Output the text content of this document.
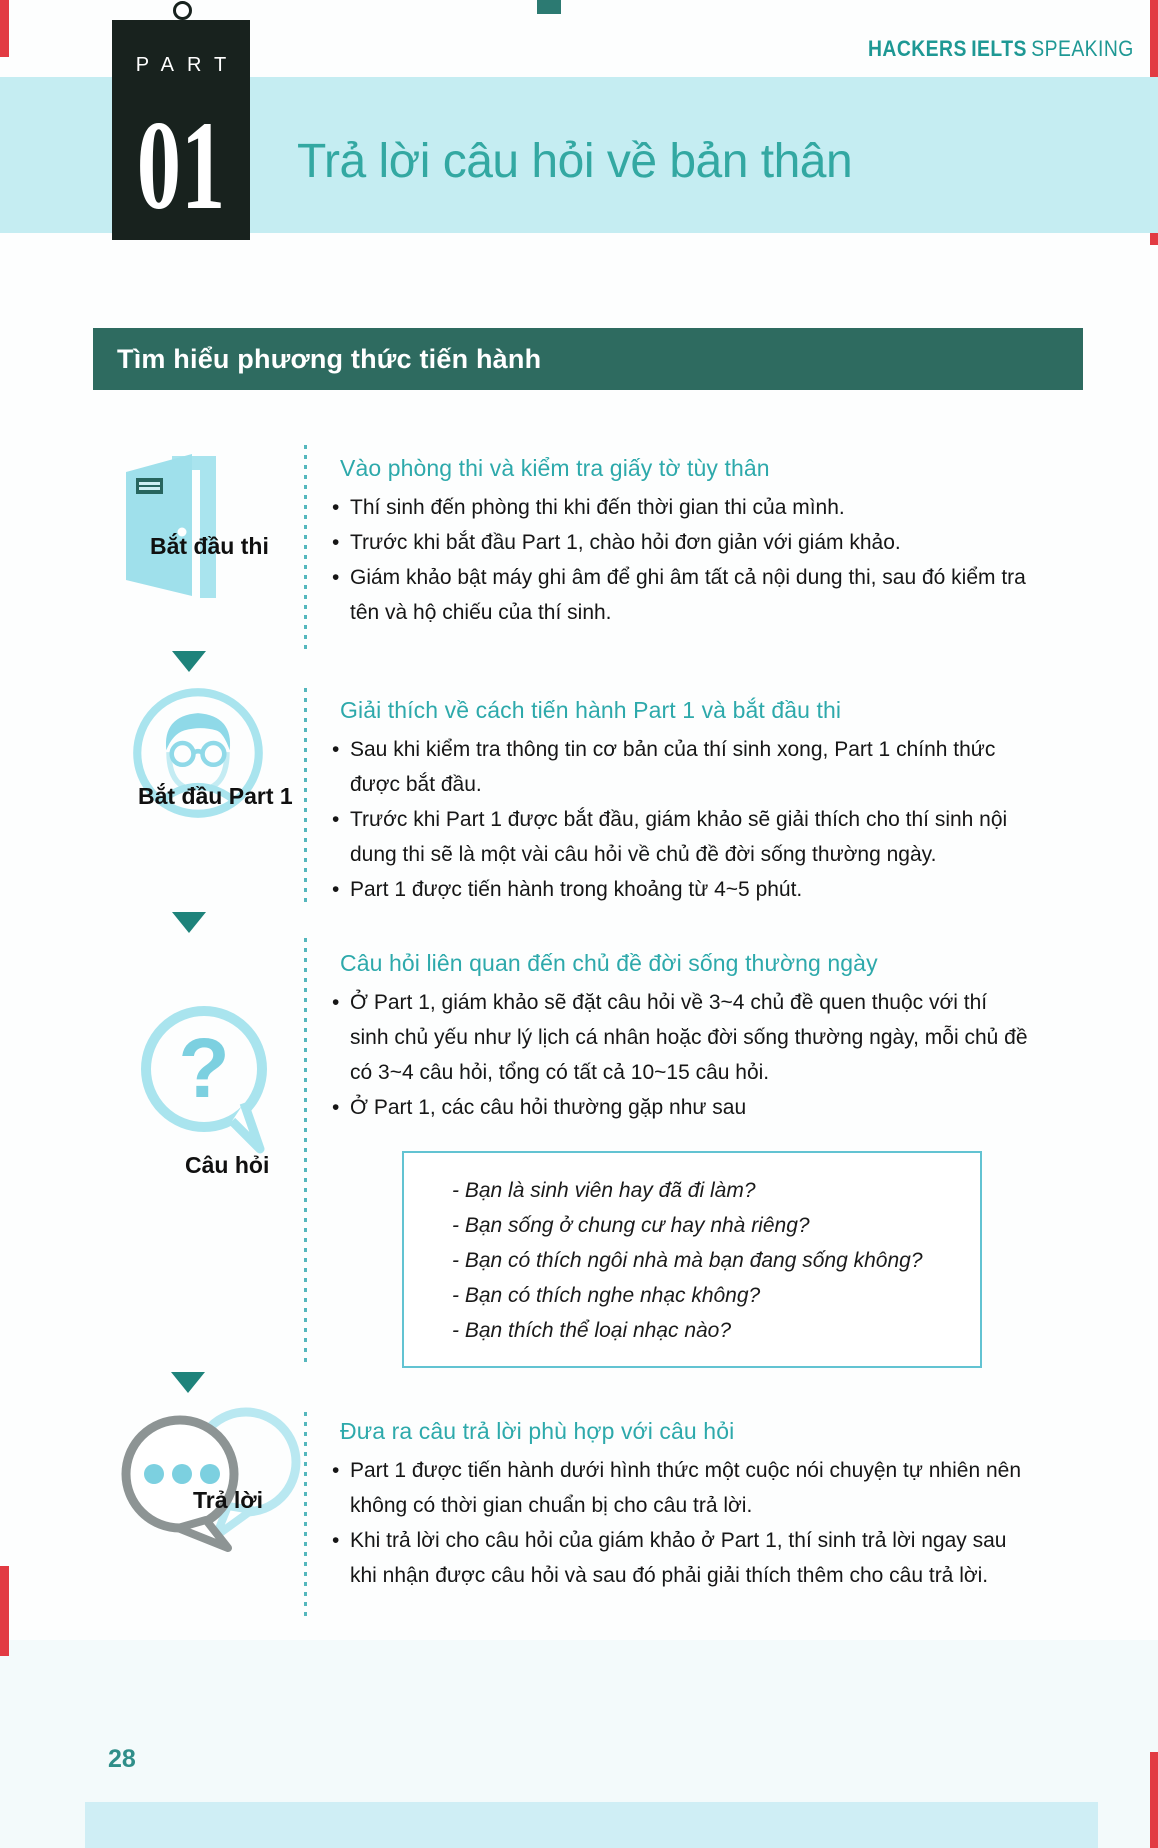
HACKERS IELTS SPEAKING
Trả lời câu hỏi về bản thân
PART
01
Tìm hiểu phương thức tiến hành
Bắt đầu thi
Bắt đầu Part 1
?
Câu hỏi
Trả lời
Vào phòng thi và kiểm tra giấy tờ tùy thân
• Thí sinh đến phòng thi khi đến thời gian thi của mình.
• Trước khi bắt đầu Part 1, chào hỏi đơn giản với giám khảo.
• Giám khảo bật máy ghi âm để ghi âm tất cả nội dung thi, sau đó kiểm tra tên và hộ chiếu của thí sinh.
Giải thích về cách tiến hành Part 1 và bắt đầu thi
• Sau khi kiểm tra thông tin cơ bản của thí sinh xong, Part 1 chính thức được bắt đầu.
• Trước khi Part 1 được bắt đầu, giám khảo sẽ giải thích cho thí sinh nội dung thi sẽ là một vài câu hỏi về chủ đề đời sống thường ngày.
• Part 1 được tiến hành trong khoảng từ 4~5 phút.
Câu hỏi liên quan đến chủ đề đời sống thường ngày
• Ở Part 1, giám khảo sẽ đặt câu hỏi về 3~4 chủ đề quen thuộc với thí sinh chủ yếu như lý lịch cá nhân hoặc đời sống thường ngày, mỗi chủ đề có 3~4 câu hỏi, tổng có tất cả 10~15 câu hỏi.
• Ở Part 1, các câu hỏi thường gặp như sau
- Bạn là sinh viên hay đã đi làm?
- Bạn sống ở chung cư hay nhà riêng?
- Bạn có thích ngôi nhà mà bạn đang sống không?
- Bạn có thích nghe nhạc không?
- Bạn thích thể loại nhạc nào?
Đưa ra câu trả lời phù hợp với câu hỏi
• Part 1 được tiến hành dưới hình thức một cuộc nói chuyện tự nhiên nên không có thời gian chuẩn bị cho câu trả lời.
• Khi trả lời cho câu hỏi của giám khảo ở Part 1, thí sinh trả lời ngay sau khi nhận được câu hỏi và sau đó phải giải thích thêm cho câu trả lời.
28
